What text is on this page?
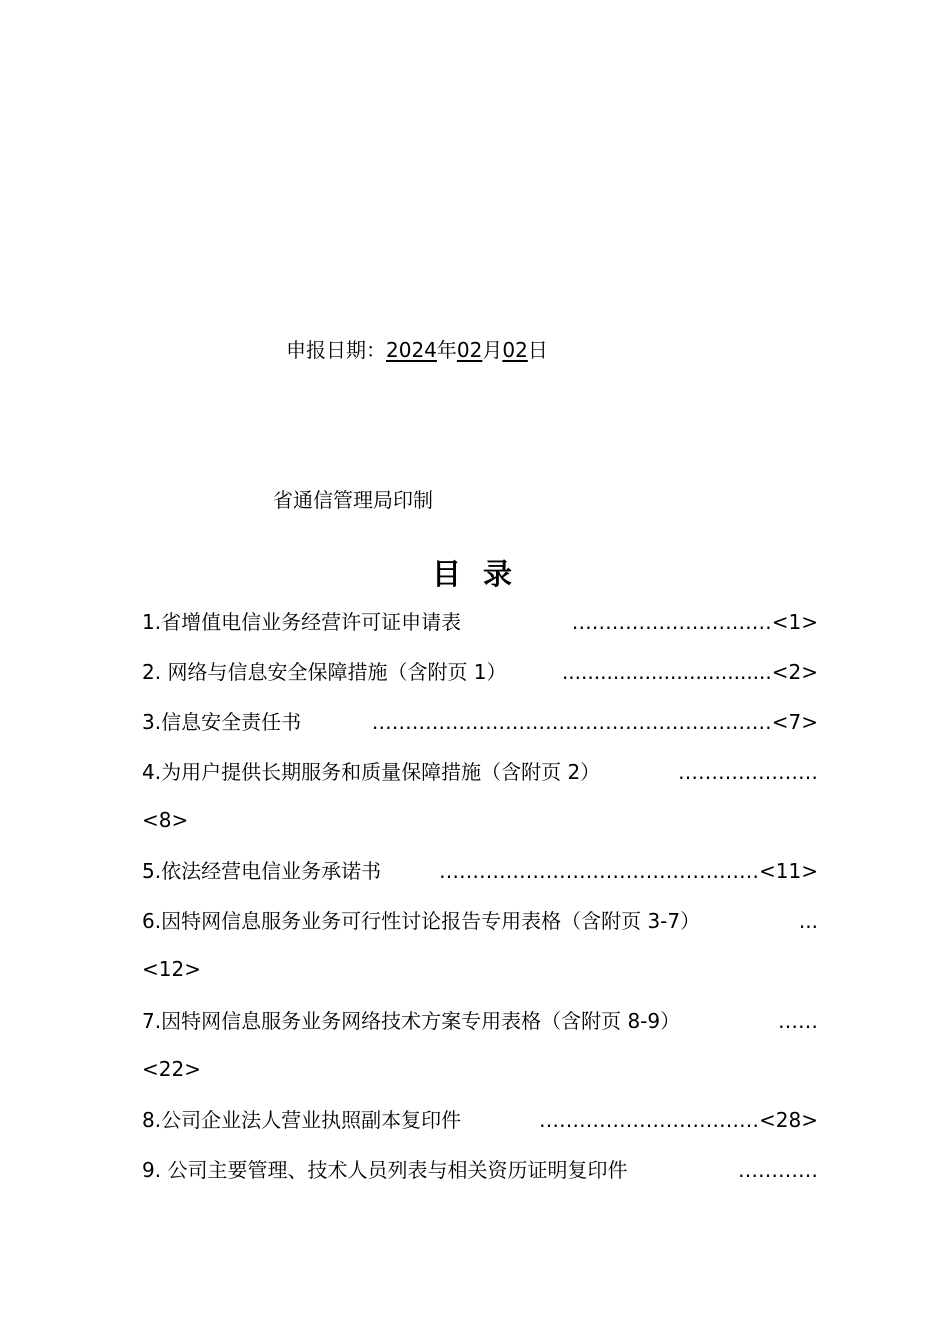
申报日期：2024年02月02日
省通信管理局印制
目 录
1.省增值电信业务经营许可证申请表	………………………… <1>
2. 网络与信息安全保障措施（含附页 1）	................................. <2>
3.信息安全责任书	…………………………………………………… <7>
4.为用户提供长期服务和质量保障措施（含附页 2）	…………………
<8>
5.依法经营电信业务承诺书	………………………………………… <11>
6.因特网信息服务业务可行性讨论报告专用表格（含附页 3-7）	...
<12>
7.因特网信息服务业务网络技术方案专用表格（含附页 8-9）	……
<22>
8.公司企业法人营业执照副本复印件	…………………………… <28>
9. 公司主要管理、技术人员列表与相关资历证明复印件	…………
